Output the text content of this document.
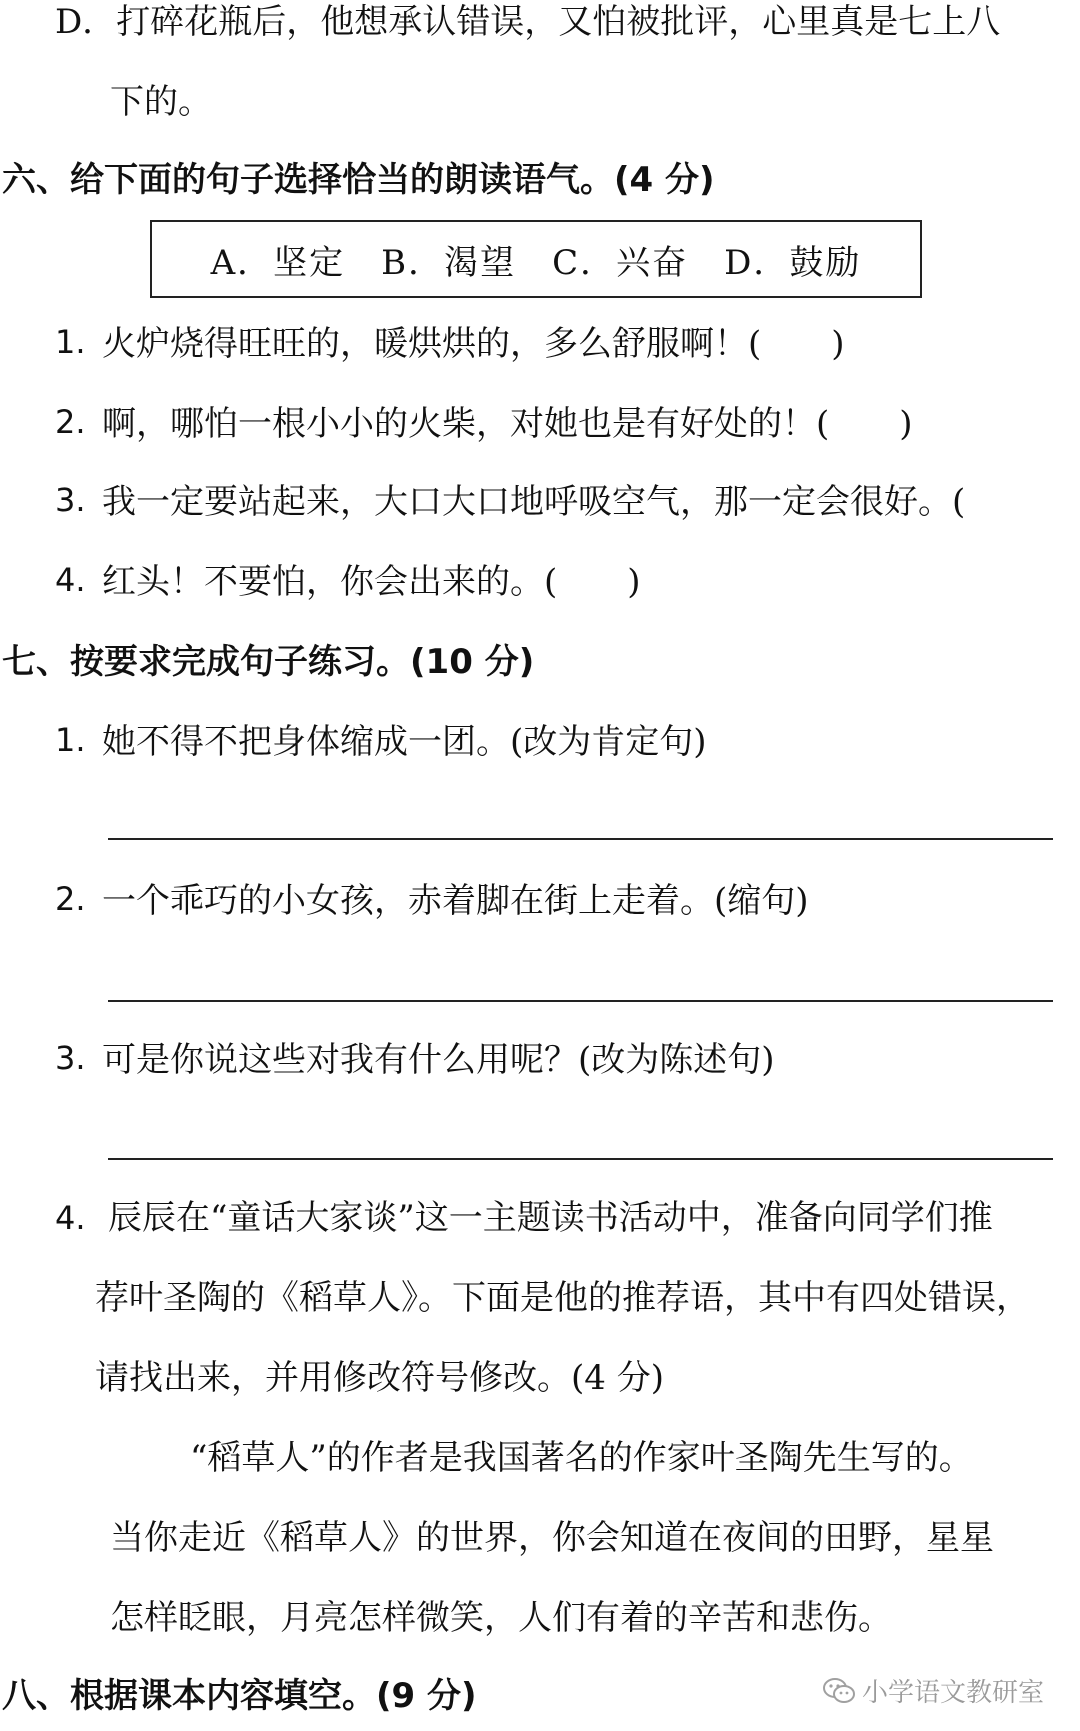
D．打碎花瓶后，他想承认错误，又怕被批评，心里真是七上八
下的。
六、给下面的句子选择恰当的朗读语气。(4 分)
A．坚定　B．渴望　C．兴奋　D．鼓励
1. 火炉烧得旺旺的，暖烘烘的，多么舒服啊！( )
2. 啊，哪怕一根小小的火柴，对她也是有好处的！( )
3. 我一定要站起来，大口大口地呼吸空气，那一定会很好。(
4. 红头！不要怕，你会出来的。( )
七、按要求完成句子练习。(10 分)
1. 她不得不把身体缩成一团。(改为肯定句)
2. 一个乖巧的小女孩，赤着脚在街上走着。(缩句)
3. 可是你说这些对我有什么用呢？(改为陈述句)
4. 辰辰在“童话大家谈”这一主题读书活动中，准备向同学们推
荐叶圣陶的《稻草人》。下面是他的推荐语，其中有四处错误，
请找出来，并用修改符号修改。(4 分)
“稻草人”的作者是我国著名的作家叶圣陶先生写的。
当你走近《稻草人》的世界，你会知道在夜间的田野，星星
怎样眨眼，月亮怎样微笑，人们有着的辛苦和悲伤。
八、根据课本内容填空。(9 分)	小学语文教研室
